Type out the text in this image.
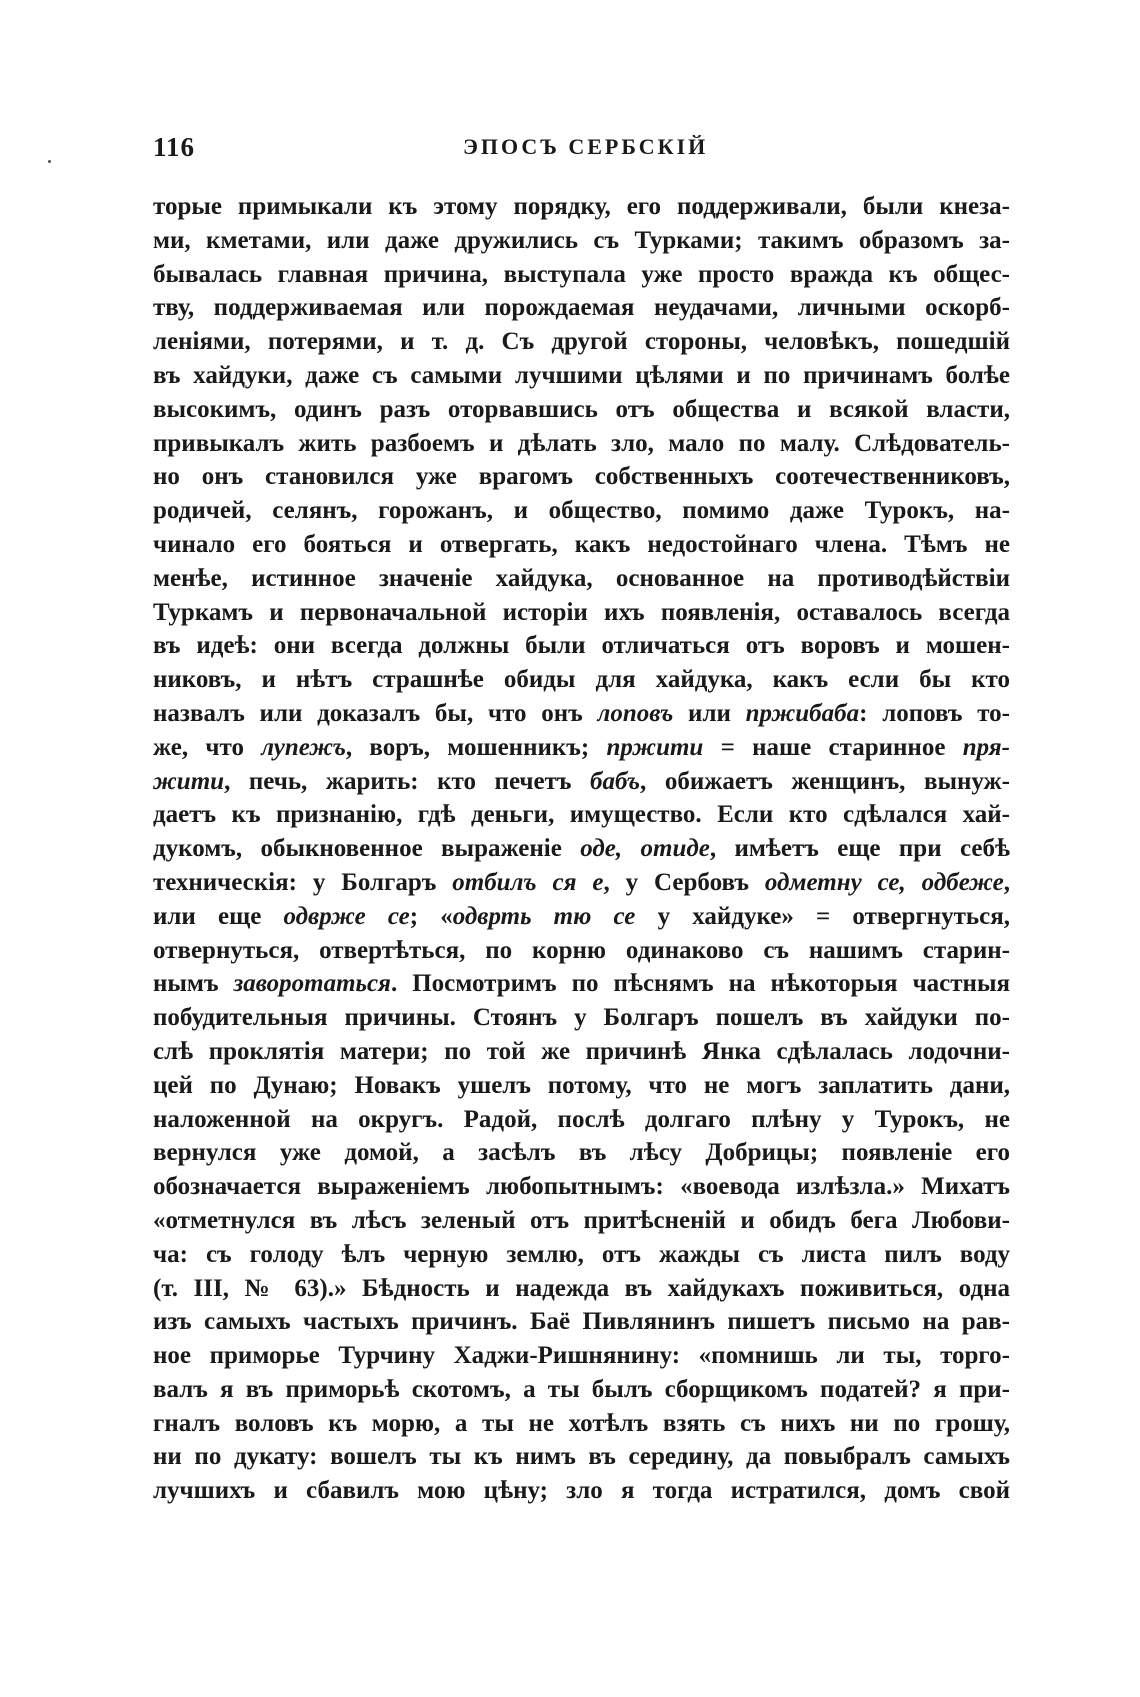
116	ЭПОСЪ СЕРБСКІЙ
торые примыкали къ этому порядку, его поддерживали, были кнеза-
ми, кметами, или даже дружились съ Турками; такимъ образомъ за-
бывалась главная причина, выступала уже просто вражда къ общес-
тву, поддерживаемая или порождаемая неудачами, личными оскорб-
леніями, потерями, и т. д. Съ другой стороны, человѣкъ, пошедшій
въ хайдуки, даже съ самыми лучшими цѣлями и по причинамъ болѣе
высокимъ, одинъ разъ оторвавшись отъ общества и всякой власти,
привыкалъ жить разбоемъ и дѣлать зло, мало по малу. Слѣдователь-
но онъ становился уже врагомъ собственныхъ соотечественниковъ,
родичей, селянъ, горожанъ, и общество, помимо даже Турокъ, на-
чинало его бояться и отвергать, какъ недостойнаго члена. Тѣмъ не
менѣе, истинное значеніе хайдука, основанное на противодѣйствіи
Туркамъ и первоначальной исторіи ихъ появленія, оставалось всегда
въ идеѣ: они всегда должны были отличаться отъ воровъ и мошен-
никовъ, и нѣтъ страшнѣе обиды для хайдука, какъ если бы кто
назвалъ или доказалъ бы, что онъ лоповъ или пржибаба: лоповъ то-
же, что лупежъ, воръ, мошенникъ; пржити = наше старинное пря-
жити, печь, жарить: кто печетъ бабъ, обижаетъ женщинъ, вынуж-
даетъ къ признанію, гдѣ деньги, имущество. Если кто сдѣлался хай-
дукомъ, обыкновенное выраженіе оде, отиде, имѣетъ еще при себѣ
техническія: у Болгаръ отбилъ ся е, у Сербовъ одметну се, одбеже,
или еще одврже се; «одврть тю се у хайдуке» = отвергнуться,
отвернуться, отвертѣться, по корню одинаково съ нашимъ старин-
нымъ заворотаться. Посмотримъ по пѣснямъ на нѣкоторыя частныя
побудительныя причины. Стоянъ у Болгаръ пошелъ въ хайдуки по-
слѣ проклятія матери; по той же причинѣ Янка сдѣлалась лодочни-
цей по Дунаю; Новакъ ушелъ потому, что не могъ заплатить дани,
наложенной на округъ. Радой, послѣ долгаго плѣну у Турокъ, не
вернулся уже домой, а засѣлъ въ лѣсу Добрицы; появленіе его
обозначается выраженіемъ любопытнымъ: «воевода излѣзла.» Михатъ
«отметнулся въ лѣсъ зеленый отъ притѣсненій и обидъ бега Любови-
ча: съ голоду ѣлъ черную землю, отъ жажды съ листа пилъ воду
(т. III, № 63).» Бѣдность и надежда въ хайдукахъ поживиться, одна
изъ самыхъ частыхъ причинъ. Баё Пивлянинъ пишетъ письмо на рав-
ное приморье Турчину Хаджи-Ришнянину: «помнишь ли ты, торго-
валъ я въ приморьѣ скотомъ, а ты былъ сборщикомъ податей? я при-
гналъ воловъ къ морю, а ты не хотѣлъ взять съ нихъ ни по грошу,
ни по дукату: вошелъ ты къ нимъ въ середину, да повыбралъ самыхъ
лучшихъ и сбавилъ мою цѣну; зло я тогда истратился, домъ свой
